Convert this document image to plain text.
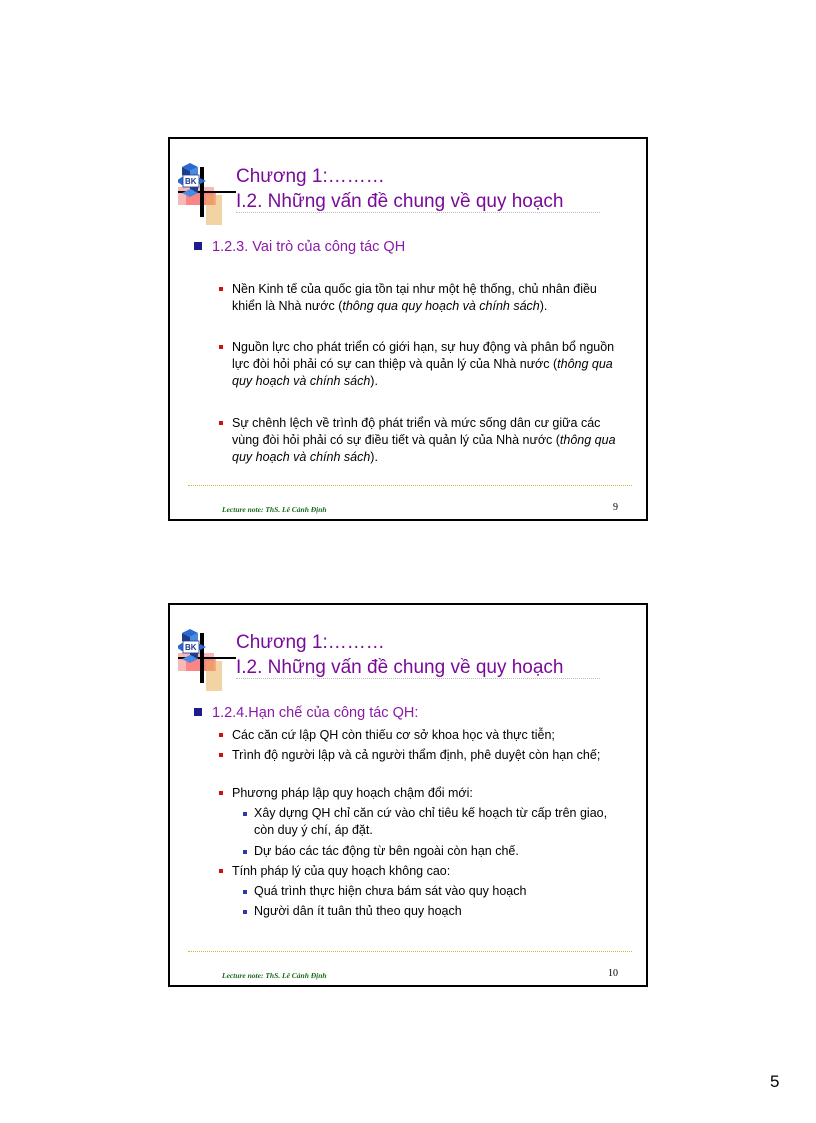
BK Chương 1:………
I.2. Những vấn đề chung về quy hoạch
1.2.3. Vai trò của công tác QH
Nền Kinh tế của quốc gia tồn tại như một hệ thống, chủ nhân điều khiển là Nhà nước (thông qua quy hoạch và chính sách).
Nguồn lực cho phát triển có giới hạn, sự huy động và phân bổ nguồn lực đòi hỏi phải có sự can thiệp và quản lý của Nhà nước (thông qua quy hoạch và chính sách).
Sự chênh lệch về trình độ phát triển và mức sống dân cư giữa các vùng đòi hỏi phải có sự điều tiết và quản lý của Nhà nước (thông qua quy hoạch và chính sách).
Lecture note: ThS. Lê Cảnh Định	9
BK Chương 1:………
I.2. Những vấn đề chung về quy hoạch
1.2.4.Hạn chế của công tác QH:
Các căn cứ lập QH còn thiếu cơ sở khoa học và thực tiễn;
Trình độ người lập và cả người thẩm định, phê duyệt còn hạn chế;
Phương pháp lập quy hoạch chậm đổi mới:
Xây dựng QH chỉ căn cứ vào chỉ tiêu kế hoạch từ cấp trên giao, còn duy ý chí, áp đặt.
Dự báo các tác động từ bên ngoài còn hạn chế.
Tính pháp lý của quy hoạch không cao:
Quá trình thực hiện chưa bám sát vào quy hoạch
Người dân ít tuân thủ theo quy hoạch
Lecture note: ThS. Lê Cảnh Định	10
5
